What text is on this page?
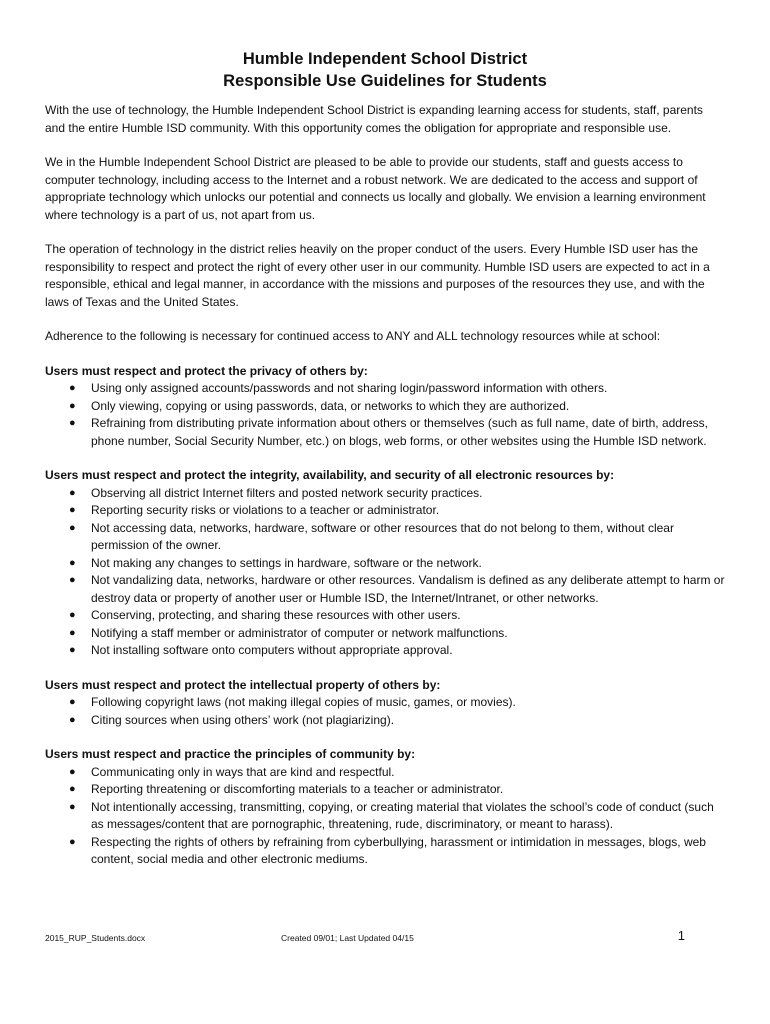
Humble Independent School District
Responsible Use Guidelines for Students

With the use of technology, the Humble Independent School District is expanding learning access for students, staff, parents and the entire Humble ISD community. With this opportunity comes the obligation for appropriate and responsible use.

We in the Humble Independent School District are pleased to be able to provide our students, staff and guests access to computer technology, including access to the Internet and a robust network. We are dedicated to the access and support of appropriate technology which unlocks our potential and connects us locally and globally. We envision a learning environment where technology is a part of us, not apart from us.

The operation of technology in the district relies heavily on the proper conduct of the users. Every Humble ISD user has the responsibility to respect and protect the right of every other user in our community. Humble ISD users are expected to act in a responsible, ethical and legal manner, in accordance with the missions and purposes of the resources they use, and with the laws of Texas and the United States.

Adherence to the following is necessary for continued access to ANY and ALL technology resources while at school:

Users must respect and protect the privacy of others by:

● Using only assigned accounts/passwords and not sharing login/password information with others.
● Only viewing, copying or using passwords, data, or networks to which they are authorized.
● Refraining from distributing private information about others or themselves (such as full name, date of birth, address, phone number, Social Security Number, etc.) on blogs, web forms, or other websites using the Humble ISD network.

Users must respect and protect the integrity, availability, and security of all electronic resources by:

● Observing all district Internet filters and posted network security practices.
● Reporting security risks or violations to a teacher or administrator.
● Not accessing data, networks, hardware, software or other resources that do not belong to them, without clear permission of the owner.
● Not making any changes to settings in hardware, software or the network.
● Not vandalizing data, networks, hardware or other resources. Vandalism is defined as any deliberate attempt to harm or destroy data or property of another user or Humble ISD, the Internet/Intranet, or other networks.
● Conserving, protecting, and sharing these resources with other users.
● Notifying a staff member or administrator of computer or network malfunctions.
● Not installing software onto computers without appropriate approval.

Users must respect and protect the intellectual property of others by:

● Following copyright laws (not making illegal copies of music, games, or movies).
● Citing sources when using others’ work (not plagiarizing).

Users must respect and practice the principles of community by:

● Communicating only in ways that are kind and respectful.
● Reporting threatening or discomforting materials to a teacher or administrator.
● Not intentionally accessing, transmitting, copying, or creating material that violates the school’s code of conduct (such as messages/content that are pornographic, threatening, rude, discriminatory, or meant to harass).
● Respecting the rights of others by refraining from cyberbullying, harassment or intimidation in messages, blogs, web content, social media and other electronic mediums.
2015_RUP_Students.docx	Created 09/01; Last Updated 04/15	1
